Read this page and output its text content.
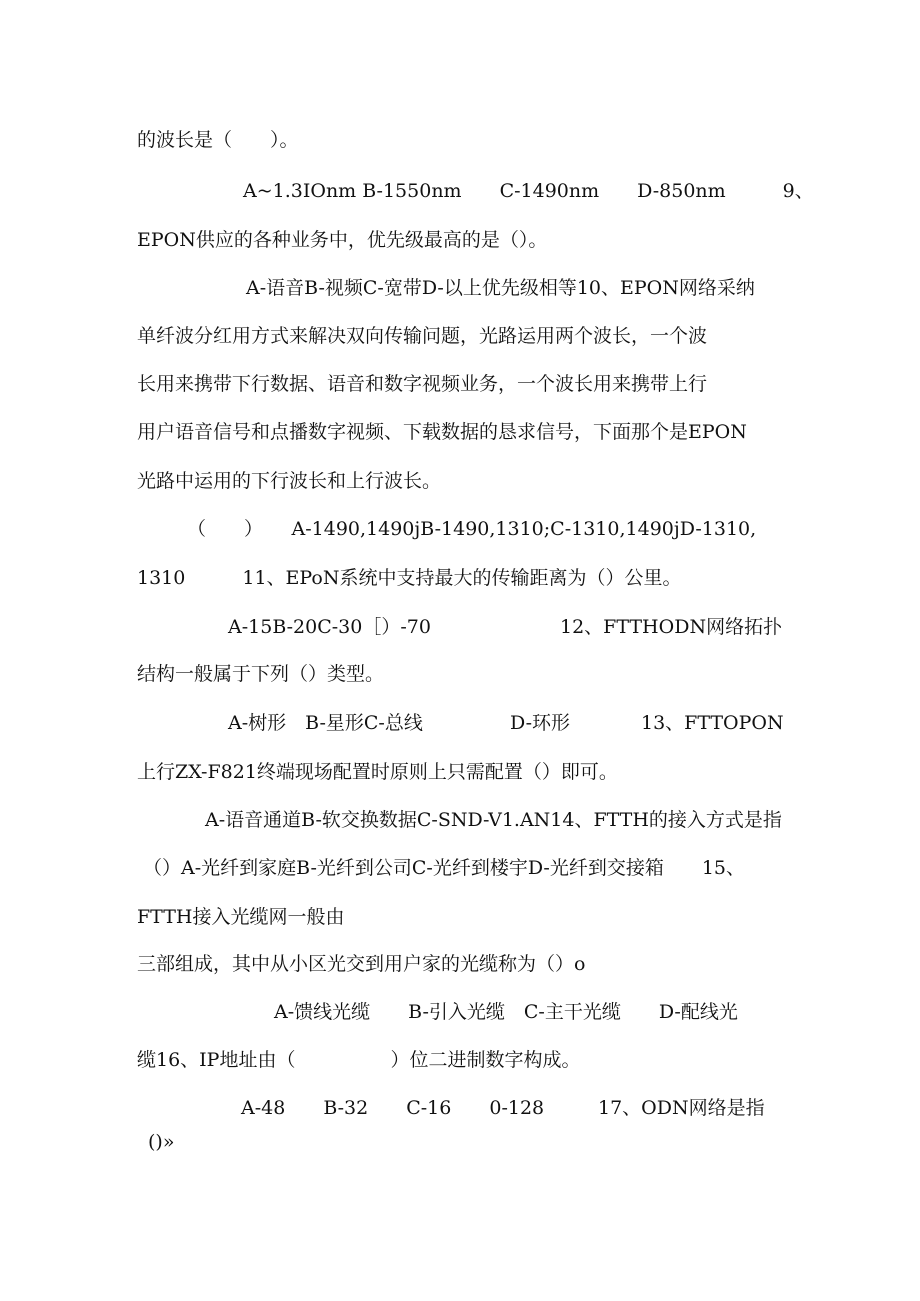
的波长是（　　）。

A~1.3IOnm B-1550nm　　C-1490nm　　D-850nm　　　9、

EPON供应的各种业务中，优先级最高的是（）。

A-语音B-视频C-宽带D-以上优先级相等10、EPON网络采纳

单纤波分红用方式来解决双向传输问题，光路运用两个波长，一个波

长用来携带下行数据、语音和数字视频业务，一个波长用来携带上行

用户语音信号和点播数字视频、下载数据的恳求信号，下面那个是EPON

光路中运用的下行波长和上行波长。

（　　）　　A-1490,1490jB-1490,1310;C-1310,1490jD-1310,

1310　　　11、EPoN系统中支持最大的传输距离为（）公里。

A-15B-20C-30［）-70	12、FTTHODN网络拓扑

结构一般属于下列（）类型。

A-树形　B-星形C-总线	D-环形	13、FTTOPON

上行ZX-F821终端现场配置时原则上只需配置（）即可。

A-语音通道B-软交换数据C-SND-V1.AN14、FTTH的接入方式是指

（）A-光纤到家庭B-光纤到公司C-光纤到楼宇D-光纤到交接箱　　15、

FTTH接入光缆网一般由

三部组成，其中从小区光交到用户家的光缆称为（）o

A-馈线光缆　　B-引入光缆　C-主干光缆　　D-配线光

缆16、IP地址由（　　　　　）位二进制数字构成。

A-48　　B-32　　C-16　　0-128	17、ODN网络是指

()»
